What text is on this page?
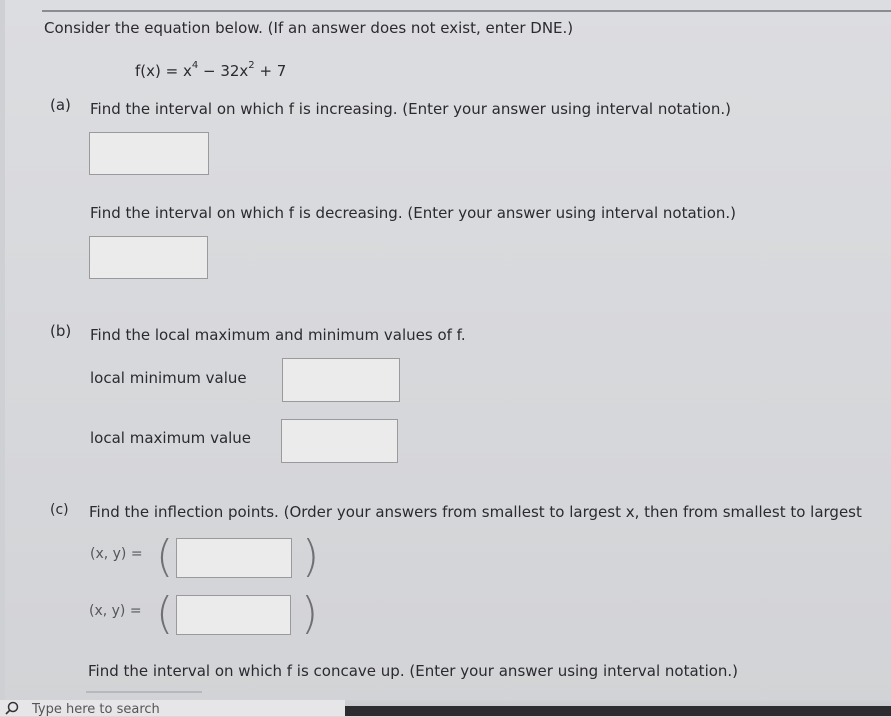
Consider the equation below. (If an answer does not exist, enter DNE.)
$f(x) = x^4 - 32x^2 + 7$
(a) Find the interval on which f is increasing. (Enter your answer using interval notation.)
Find the interval on which f is decreasing. (Enter your answer using interval notation.)
(b) Find the local maximum and minimum values of f.
local minimum value
local maximum value
(c) Find the inflection points. (Order your answers from smallest to largest x, then from smallest to largest
(x, y) = (	)
(x, y) = (	)
Find the interval on which f is concave up. (Enter your answer using interval notation.)
Type here to search
